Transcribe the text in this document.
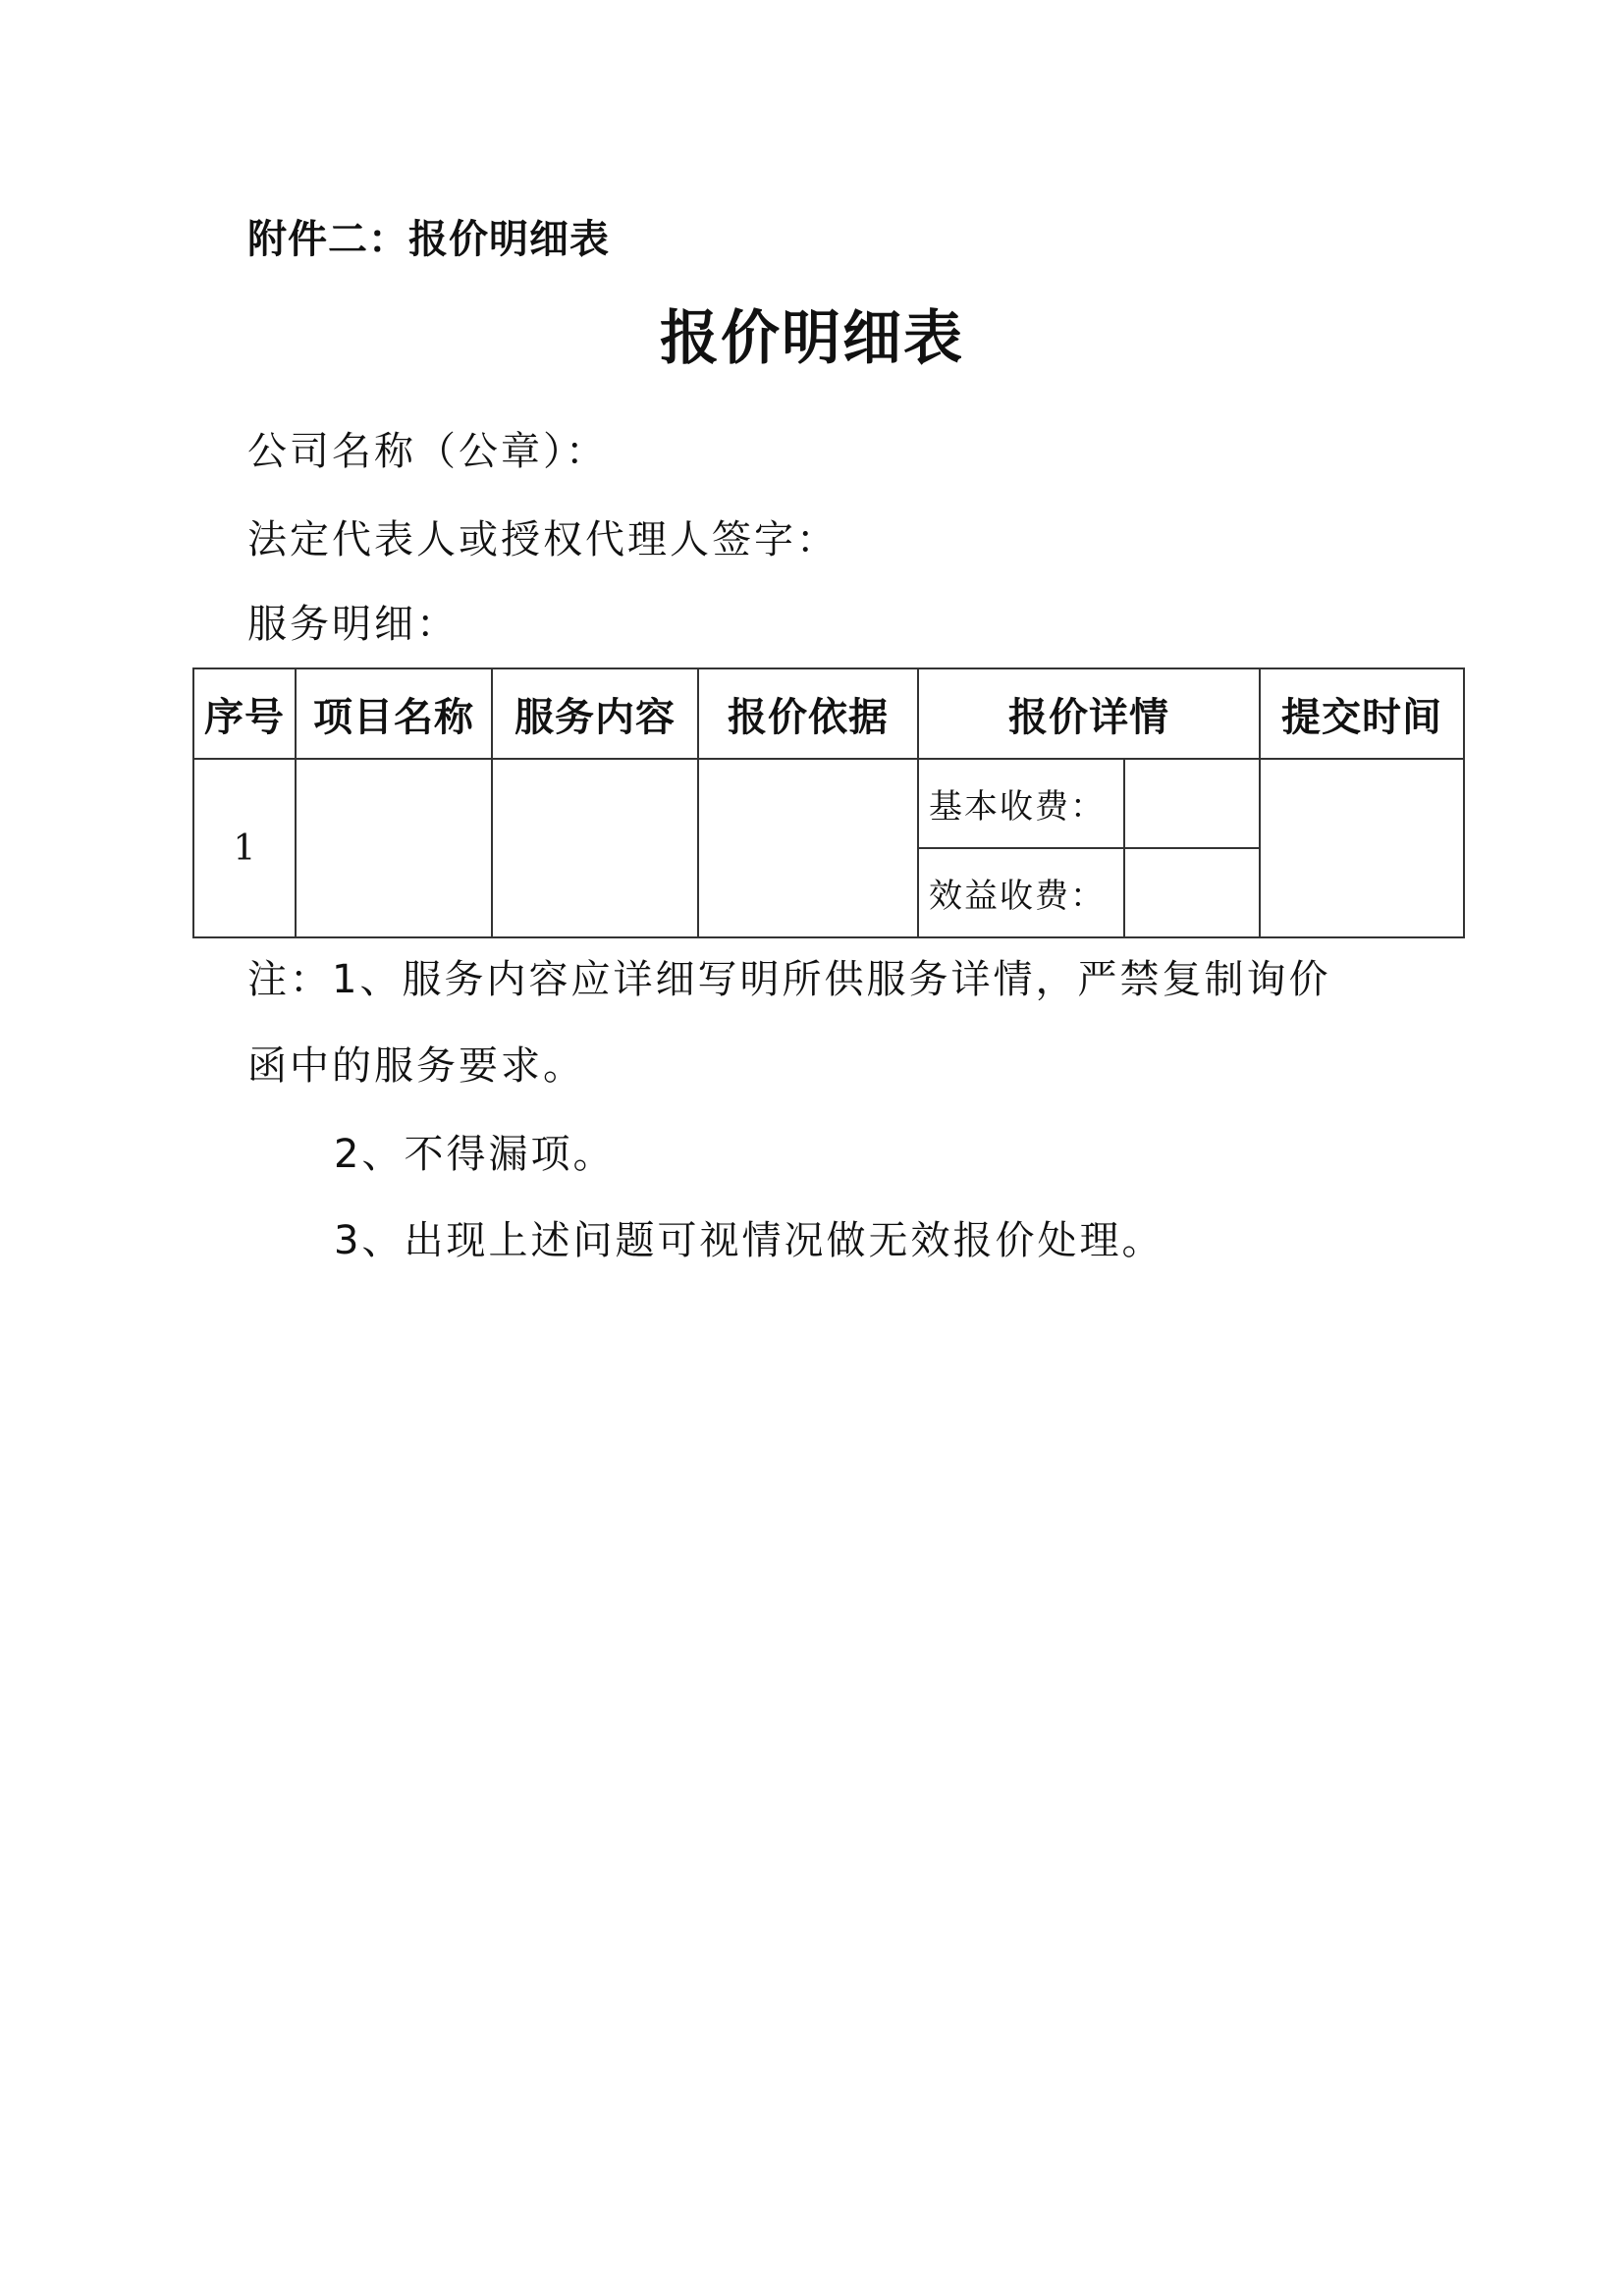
附件二：报价明细表
报价明细表
公司名称（公章）：
法定代表人或授权代理人签字：
服务明细：
序号	项目名称	服务内容	报价依据	报价详情		提交时间
1				基本收费：		
				效益收费：		
注：1、服务内容应详细写明所供服务详情，严禁复制询价
函中的服务要求。
2、不得漏项。
3、出现上述问题可视情况做无效报价处理。
